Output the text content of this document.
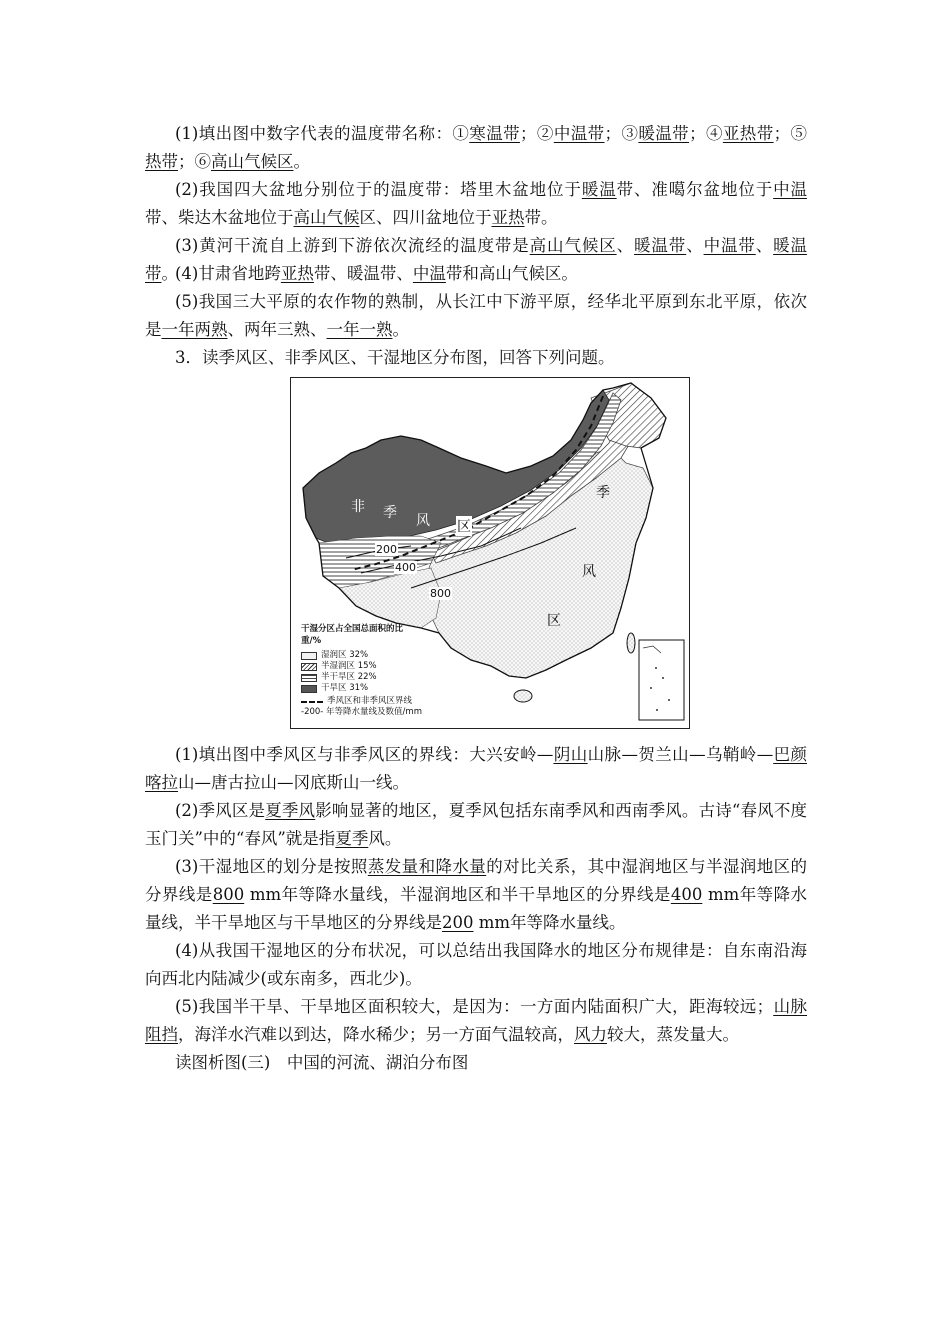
(1)填出图中数字代表的温度带名称：①寒温带；②中温带；③暖温带；④亚热带；⑤热带；⑥高山气候区。

(2)我国四大盆地分别位于的温度带：塔里木盆地位于暖温带、准噶尔盆地位于中温带、柴达木盆地位于高山气候区、四川盆地位于亚热带。

(3)黄河干流自上游到下游依次流经的温度带是高山气候区、暖温带、中温带、暖温带。

(4)甘肃省地跨亚热带、暖温带、中温带和高山气候区。

(5)我国三大平原的农作物的熟制，从长江中下游平原，经华北平原到东北平原，依次是一年两熟、两年三熟、一年一熟。

3．读季风区、非季风区、干湿地区分布图，回答下列问题。

非 季 风 区
季
风
区
200
400
800
干湿分区占全国总面积的比重/%
湿润区 32%
半湿润区 15%
半干旱区 22%
干旱区 31%
季风区和非季风区界线
-200- 年等降水量线及数值/mm

(1)填出图中季风区与非季风区的界线：大兴安岭—阴山山脉—贺兰山—乌鞘岭—巴颜喀拉山—唐古拉山—冈底斯山一线。

(2)季风区是夏季风影响显著的地区，夏季风包括东南季风和西南季风。古诗“春风不度玉门关”中的“春风”就是指夏季风。

(3)干湿地区的划分是按照蒸发量和降水量的对比关系，其中湿润地区与半湿润地区的分界线是800 mm年等降水量线，半湿润地区和半干旱地区的分界线是400 mm年等降水量线，半干旱地区与干旱地区的分界线是200 mm年等降水量线。

(4)从我国干湿地区的分布状况，可以总结出我国降水的地区分布规律是：自东南沿海向西北内陆减少(或东南多，西北少)。

(5)我国半干旱、干旱地区面积较大，是因为：一方面内陆面积广大，距海较远；山脉阻挡，海洋水汽难以到达，降水稀少；另一方面气温较高，风力较大，蒸发量大。

读图析图(三)　中国的河流、湖泊分布图
